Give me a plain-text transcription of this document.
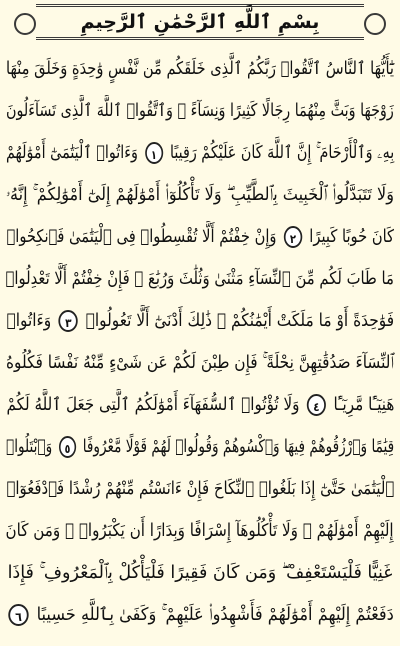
بِسْمِ ٱللَّهِ ٱلرَّحْمَٰنِ ٱلرَّحِيمِ
يَٰٓأَيُّهَا ٱلنَّاسُ ٱتَّقُوا۟ رَبَّكُمُ ٱلَّذِى خَلَقَكُم مِّن نَّفْسٍ وَٰحِدَةٍ وَخَلَقَ مِنْهَا
زَوْجَهَا وَبَثَّ مِنْهُمَا رِجَالًا كَثِيرًا وَنِسَآءً ۚ وَٱتَّقُوا۟ ٱللَّهَ ٱلَّذِى تَسَآءَلُونَ
بِهِۦ وَٱلْأَرْحَامَ ۚ إِنَّ ٱللَّهَ كَانَ عَلَيْكُمْ رَقِيبًا ١ وَءَاتُوا۟ ٱلْيَتَٰمَىٰٓ أَمْوَٰلَهُمْ
وَلَا تَتَبَدَّلُوا۟ ٱلْخَبِيثَ بِٱلطَّيِّبِ ۖ وَلَا تَأْكُلُوٓا۟ أَمْوَٰلَهُمْ إِلَىٰٓ أَمْوَٰلِكُمْ ۚ إِنَّهُۥ
كَانَ حُوبًا كَبِيرًا ٢ وَإِنْ خِفْتُمْ أَلَّا تُقْسِطُوا۟ فِى ٱلْيَتَٰمَىٰ فَٱنكِحُوا۟
مَا طَابَ لَكُم مِّنَ ٱلنِّسَآءِ مَثْنَىٰ وَثُلَٰثَ وَرُبَٰعَ ۖ فَإِنْ خِفْتُمْ أَلَّا تَعْدِلُوا۟
فَوَٰحِدَةً أَوْ مَا مَلَكَتْ أَيْمَٰنُكُمْ ۚ ذَٰلِكَ أَدْنَىٰٓ أَلَّا تَعُولُوا۟ ٣ وَءَاتُوا۟
ٱلنِّسَآءَ صَدُقَٰتِهِنَّ نِحْلَةً ۚ فَإِن طِبْنَ لَكُمْ عَن شَىْءٍ مِّنْهُ نَفْسًا فَكُلُوهُ
هَنِيٓـًٔا مَّرِيٓـًٔا ٤ وَلَا تُؤْتُوا۟ ٱلسُّفَهَآءَ أَمْوَٰلَكُمُ ٱلَّتِى جَعَلَ ٱللَّهُ لَكُمْ
قِيَٰمًا وَٱرْزُقُوهُمْ فِيهَا وَٱكْسُوهُمْ وَقُولُوا۟ لَهُمْ قَوْلًا مَّعْرُوفًا ٥ وَٱبْتَلُوا۟
ٱلْيَتَٰمَىٰ حَتَّىٰٓ إِذَا بَلَغُوا۟ ٱلنِّكَاحَ فَإِنْ ءَانَسْتُم مِّنْهُمْ رُشْدًا فَٱدْفَعُوٓا۟
إِلَيْهِمْ أَمْوَٰلَهُمْ ۖ وَلَا تَأْكُلُوهَآ إِسْرَافًا وَبِدَارًا أَن يَكْبَرُوا۟ ۚ وَمَن كَانَ
غَنِيًّا فَلْيَسْتَعْفِفْ ۖ وَمَن كَانَ فَقِيرًا فَلْيَأْكُلْ بِٱلْمَعْرُوفِ ۚ فَإِذَا
دَفَعْتُمْ إِلَيْهِمْ أَمْوَٰلَهُمْ فَأَشْهِدُوا۟ عَلَيْهِمْ ۚ وَكَفَىٰ بِٱللَّهِ حَسِيبًا ٦
